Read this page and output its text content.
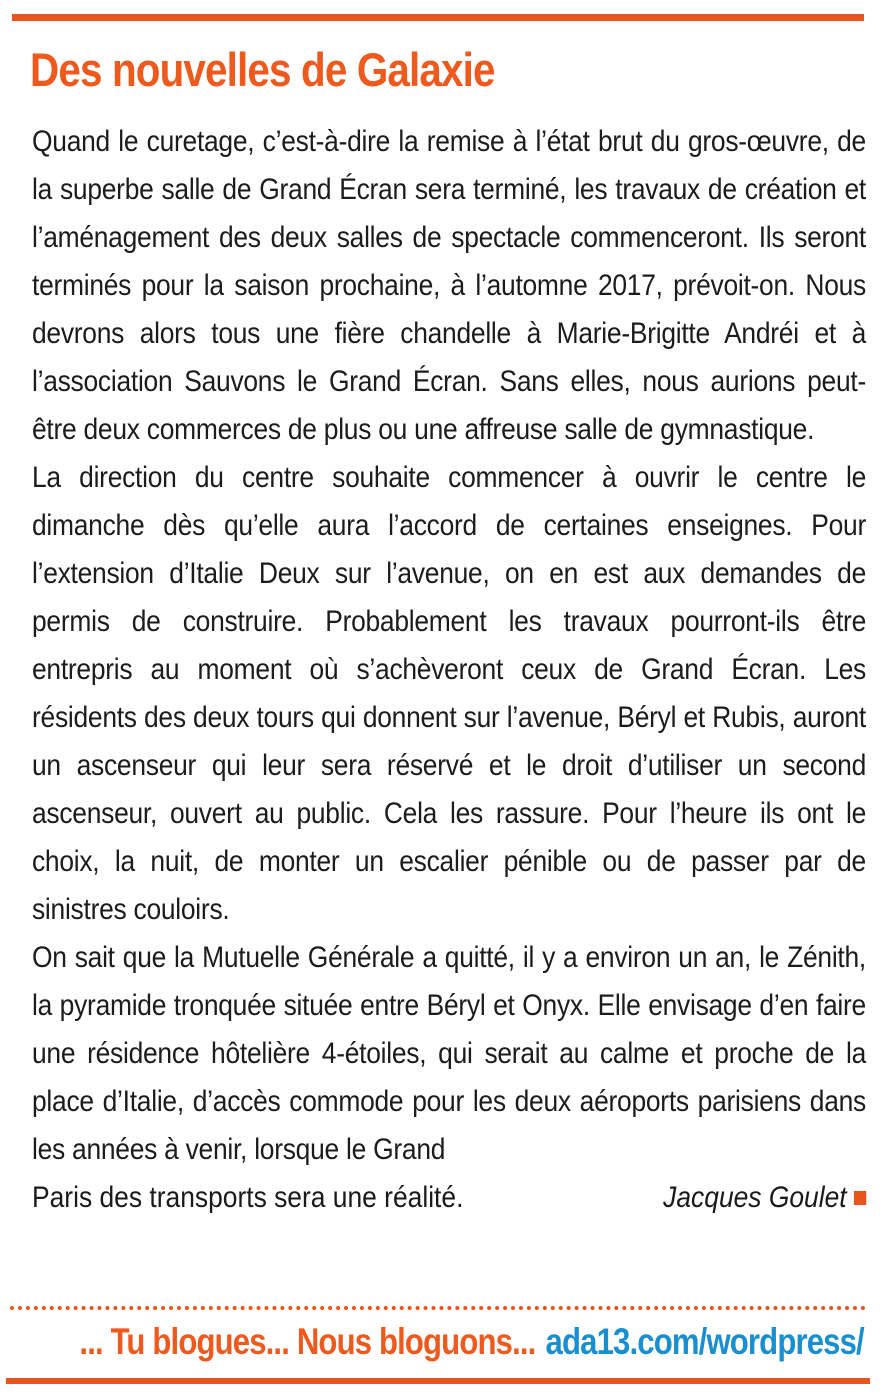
Des nouvelles de Galaxie

Quand le curetage, c’est-à-dire la remise à l’état brut du gros-œuvre, de la superbe salle de Grand Écran sera terminé, les travaux de création et l’aménagement des deux salles de spectacle commenceront. Ils seront terminés pour la saison prochaine, à l’automne 2017, prévoit-on. Nous devrons alors tous une fière chandelle à Marie-Brigitte Andréi et à l’association Sauvons le Grand Écran. Sans elles, nous aurions peut-être deux commerces de plus ou une affreuse salle de gymnastique.

La direction du centre souhaite commencer à ouvrir le centre le dimanche dès qu’elle aura l’accord de certaines enseignes. Pour l’extension d’Italie Deux sur l’avenue, on en est aux demandes de permis de construire. Probablement les travaux pourront-ils être entrepris au moment où s’achèveront ceux de Grand Écran. Les résidents des deux tours qui donnent sur l’avenue, Béryl et Rubis, auront un ascenseur qui leur sera réservé et le droit d’utiliser un second ascenseur, ouvert au public. Cela les rassure. Pour l’heure ils ont le choix, la nuit, de monter un escalier pénible ou de passer par de sinistres couloirs.

On sait que la Mutuelle Générale a quitté, il y a environ un an, le Zénith, la pyramide tronquée située entre Béryl et Onyx. Elle envisage d’en faire une résidence hôtelière 4-étoiles, qui serait au calme et proche de la place d’Italie, d’accès commode pour les deux aéroports parisiens dans les années à venir, lorsque le Grand

Paris des transports sera une réalité.	Jacques Goulet
... Tu blogues... Nous bloguons... ada13.com/wordpress/
